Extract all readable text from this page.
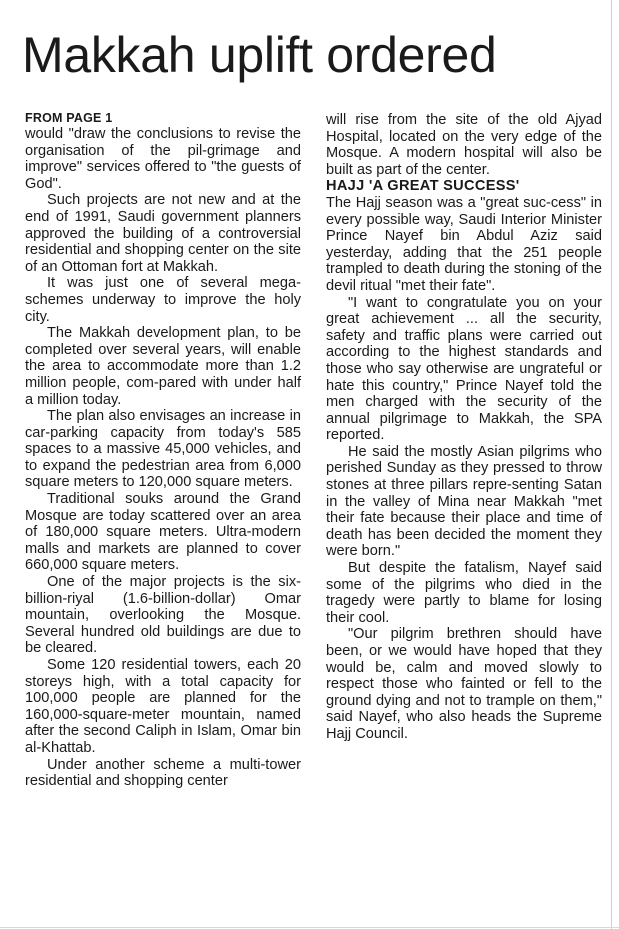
Makkah uplift ordered
FROM PAGE 1

would "draw the conclusions to revise the organisation of the pil-grimage and improve" services offered to "the guests of God".

Such projects are not new and at the end of 1991, Saudi government planners approved the building of a controversial residential and shopping center on the site of an Ottoman fort at Makkah.

It was just one of several mega-schemes underway to improve the holy city.

The Makkah development plan, to be completed over several years, will enable the area to accommodate more than 1.2 million people, com-pared with under half a million today.

The plan also envisages an increase in car-parking capacity from today's 585 spaces to a massive 45,000 vehicles, and to expand the pedestrian area from 6,000 square meters to 120,000 square meters.

Traditional souks around the Grand Mosque are today scattered over an area of 180,000 square meters. Ultra-modern malls and markets are planned to cover 660,000 square meters.

One of the major projects is the six-billion-riyal (1.6-billion-dollar) Omar mountain, overlooking the Mosque. Several hundred old buildings are due to be cleared.

Some 120 residential towers, each 20 storeys high, with a total capacity for 100,000 people are planned for the 160,000-square-meter mountain, named after the second Caliph in Islam, Omar bin al-Khattab.

Under another scheme a multi-tower residential and shopping center

will rise from the site of the old Ajyad Hospital, located on the very edge of the Mosque. A modern hospital will also be built as part of the center.

HAJJ 'A GREAT SUCCESS'

The Hajj season was a "great suc-cess" in every possible way, Saudi Interior Minister Prince Nayef bin Abdul Aziz said yesterday, adding that the 251 people trampled to death during the stoning of the devil ritual "met their fate".

"I want to congratulate you on your great achievement ... all the security, safety and traffic plans were carried out according to the highest standards and those who say otherwise are ungrateful or hate this country," Prince Nayef told the men charged with the security of the annual pilgrimage to Makkah, the SPA reported.

He said the mostly Asian pilgrims who perished Sunday as they pressed to throw stones at three pillars repre-senting Satan in the valley of Mina near Makkah "met their fate because their place and time of death has been decided the moment they were born."

But despite the fatalism, Nayef said some of the pilgrims who died in the tragedy were partly to blame for losing their cool.

"Our pilgrim brethren should have been, or we would have hoped that they would be, calm and moved slowly to respect those who fainted or fell to the ground dying and not to trample on them," said Nayef, who also heads the Supreme Hajj Council.
